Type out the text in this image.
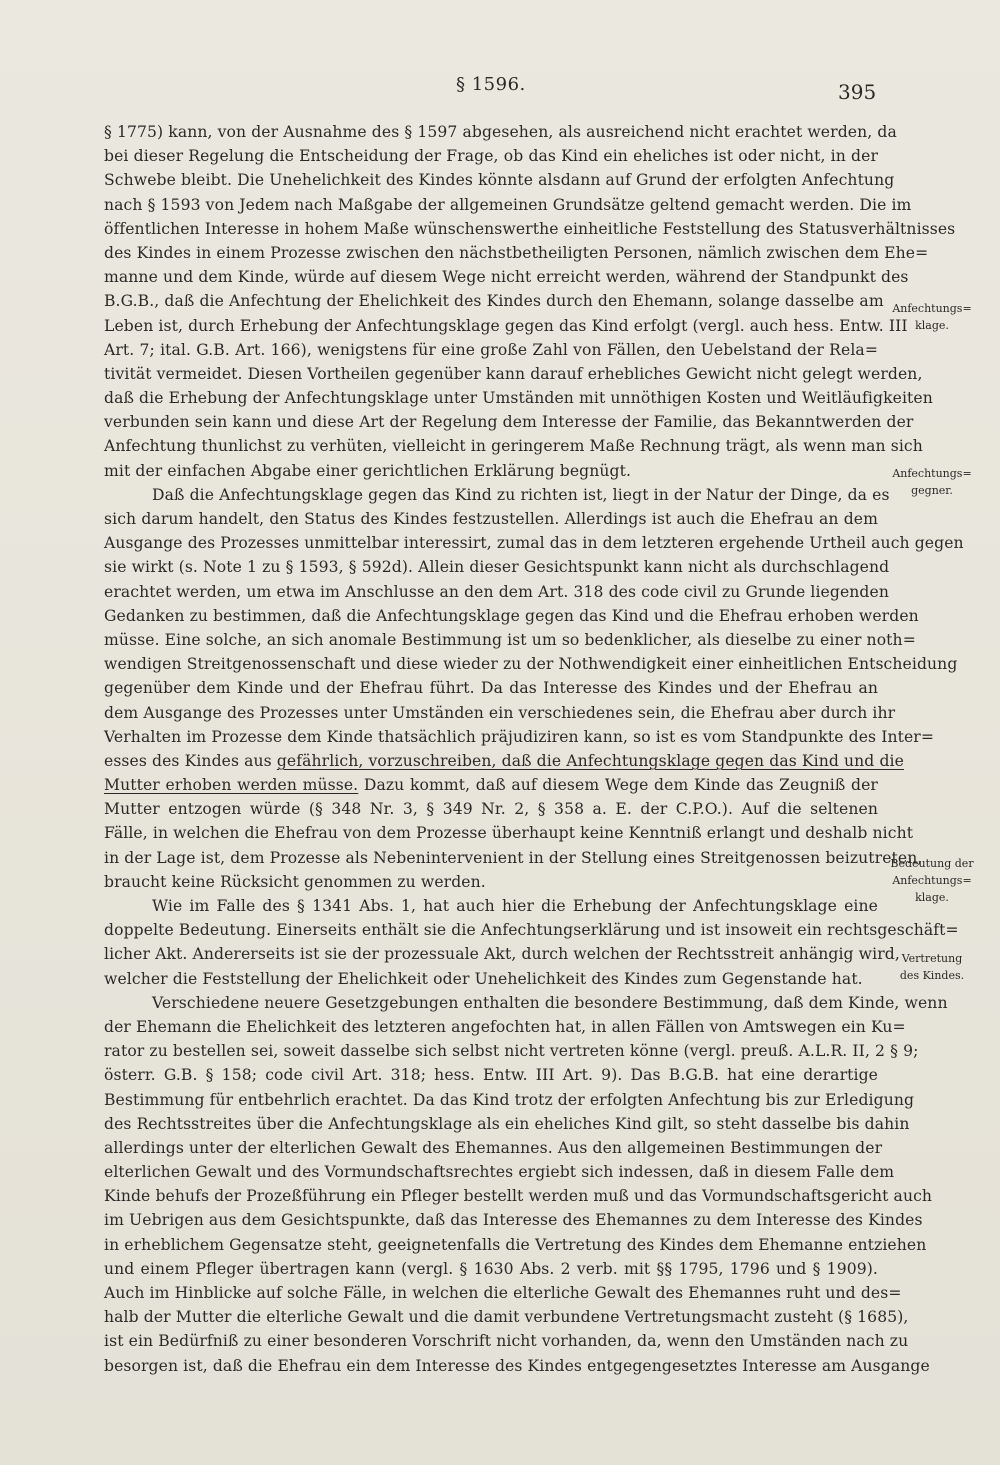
§ 1596.	395
§ 1775) kann, von der Ausnahme des § 1597 abgesehen, als ausreichend nicht erachtet werden, da
bei dieser Regelung die Entscheidung der Frage, ob das Kind ein eheliches ist oder nicht, in der
Schwebe bleibt. Die Unehelichkeit des Kindes könnte alsdann auf Grund der erfolgten Anfechtung
nach § 1593 von Jedem nach Maßgabe der allgemeinen Grundsätze geltend gemacht werden. Die im
öffentlichen Interesse in hohem Maße wünschenswerthe einheitliche Feststellung des Statusverhältnisses
des Kindes in einem Prozesse zwischen den nächstbetheiligten Personen, nämlich zwischen dem Ehe=
manne und dem Kinde, würde auf diesem Wege nicht erreicht werden, während der Standpunkt des
B.G.B., daß die Anfechtung der Ehelichkeit des Kindes durch den Ehemann, solange dasselbe am
Leben ist, durch Erhebung der Anfechtungsklage gegen das Kind erfolgt (vergl. auch hess. Entw. III
Art. 7; ital. G.B. Art. 166), wenigstens für eine große Zahl von Fällen, den Uebelstand der Rela=
tivität vermeidet. Diesen Vortheilen gegenüber kann darauf erhebliches Gewicht nicht gelegt werden,
daß die Erhebung der Anfechtungsklage unter Umständen mit unnöthigen Kosten und Weitläufigkeiten
verbunden sein kann und diese Art der Regelung dem Interesse der Familie, das Bekanntwerden der
Anfechtung thunlichst zu verhüten, vielleicht in geringerem Maße Rechnung trägt, als wenn man sich
mit der einfachen Abgabe einer gerichtlichen Erklärung begnügt.
Daß die Anfechtungsklage gegen das Kind zu richten ist, liegt in der Natur der Dinge, da es
sich darum handelt, den Status des Kindes festzustellen. Allerdings ist auch die Ehefrau an dem
Ausgange des Prozesses unmittelbar interessirt, zumal das in dem letzteren ergehende Urtheil auch gegen
sie wirkt (s. Note 1 zu § 1593, § 592d). Allein dieser Gesichtspunkt kann nicht als durchschlagend
erachtet werden, um etwa im Anschlusse an den dem Art. 318 des code civil zu Grunde liegenden
Gedanken zu bestimmen, daß die Anfechtungsklage gegen das Kind und die Ehefrau erhoben werden
müsse. Eine solche, an sich anomale Bestimmung ist um so bedenklicher, als dieselbe zu einer noth=
wendigen Streitgenossenschaft und diese wieder zu der Nothwendigkeit einer einheitlichen Entscheidung
gegenüber dem Kinde und der Ehefrau führt. Da das Interesse des Kindes und der Ehefrau an
dem Ausgange des Prozesses unter Umständen ein verschiedenes sein, die Ehefrau aber durch ihr
Verhalten im Prozesse dem Kinde thatsächlich präjudiziren kann, so ist es vom Standpunkte des Inter=
esses des Kindes aus gefährlich, vorzuschreiben, daß die Anfechtungsklage gegen das Kind und die
Mutter erhoben werden müsse. Dazu kommt, daß auf diesem Wege dem Kinde das Zeugniß der
Mutter entzogen würde (§ 348 Nr. 3, § 349 Nr. 2, § 358 a. E. der C.P.O.). Auf die seltenen
Fälle, in welchen die Ehefrau von dem Prozesse überhaupt keine Kenntniß erlangt und deshalb nicht
in der Lage ist, dem Prozesse als Nebenintervenient in der Stellung eines Streitgenossen beizutreten,
braucht keine Rücksicht genommen zu werden.
Wie im Falle des § 1341 Abs. 1, hat auch hier die Erhebung der Anfechtungsklage eine
doppelte Bedeutung. Einerseits enthält sie die Anfechtungserklärung und ist insoweit ein rechtsgeschäft=
licher Akt. Andererseits ist sie der prozessuale Akt, durch welchen der Rechtsstreit anhängig wird,
welcher die Feststellung der Ehelichkeit oder Unehelichkeit des Kindes zum Gegenstande hat.
Verschiedene neuere Gesetzgebungen enthalten die besondere Bestimmung, daß dem Kinde, wenn
der Ehemann die Ehelichkeit des letzteren angefochten hat, in allen Fällen von Amtswegen ein Ku=
rator zu bestellen sei, soweit dasselbe sich selbst nicht vertreten könne (vergl. preuß. A.L.R. II, 2 § 9;
österr. G.B. § 158; code civil Art. 318; hess. Entw. III Art. 9). Das B.G.B. hat eine derartige
Bestimmung für entbehrlich erachtet. Da das Kind trotz der erfolgten Anfechtung bis zur Erledigung
des Rechtsstreites über die Anfechtungsklage als ein eheliches Kind gilt, so steht dasselbe bis dahin
allerdings unter der elterlichen Gewalt des Ehemannes. Aus den allgemeinen Bestimmungen der
elterlichen Gewalt und des Vormundschaftsrechtes ergiebt sich indessen, daß in diesem Falle dem
Kinde behufs der Prozeßführung ein Pfleger bestellt werden muß und das Vormundschaftsgericht auch
im Uebrigen aus dem Gesichtspunkte, daß das Interesse des Ehemannes zu dem Interesse des Kindes
in erheblichem Gegensatze steht, geeignetenfalls die Vertretung des Kindes dem Ehemanne entziehen
und einem Pfleger übertragen kann (vergl. § 1630 Abs. 2 verb. mit §§ 1795, 1796 und § 1909).
Auch im Hinblicke auf solche Fälle, in welchen die elterliche Gewalt des Ehemannes ruht und des=
halb der Mutter die elterliche Gewalt und die damit verbundene Vertretungsmacht zusteht (§ 1685),
ist ein Bedürfniß zu einer besonderen Vorschrift nicht vorhanden, da, wenn den Umständen nach zu
besorgen ist, daß die Ehefrau ein dem Interesse des Kindes entgegengesetztes Interesse am Ausgange
Anfechtungs=
klage.
Anfechtungs=
gegner.
Bedeutung der
Anfechtungs=
klage.
Vertretung
des Kindes.
